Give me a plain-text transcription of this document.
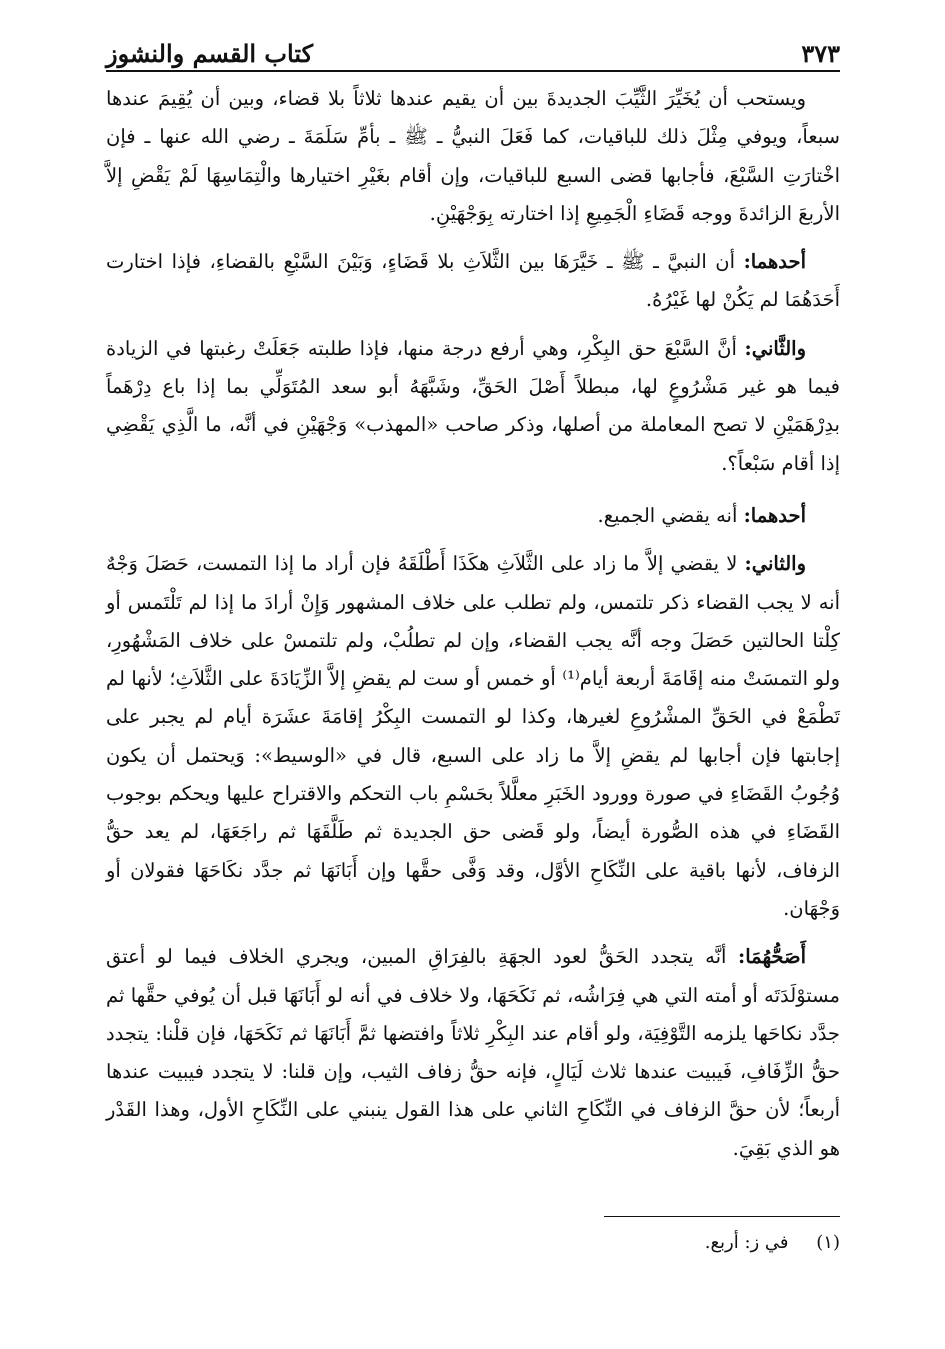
كتاب القسم والنشوز	٣٧٣

ويستحب أن يُخَيِّرَ الثَّيِّبَ الجديدةَ بين أن يقيم عندها ثلاثاً بلا قضاء، وبين أن يُقِيمَ عندها سبعاً، ويوفي مِثْلَ ذلك للباقيات، كما فَعَلَ النبيُّ ـ ﷺ ـ بأمِّ سَلَمَةَ ـ رضي الله عنها ـ فإن اخْتارَتِ السَّبْعَ، فأجابها قضى السبع للباقيات، وإن أقام بغَيْرِ اختيارها والْتِمَاسِهَا لَمْ يَقْضِ إلاَّ الأربعَ الزائدةَ ووجه قَضَاءِ الْجَمِيعِ إذا اختارته بِوَجْهَيْنِ.

أحدهما: أن النبيَّ ـ ﷺ ـ خَيَّرَهَا بين الثَّلاَثِ بلا قَضَاءٍ، وَبَيْنَ السَّبْعِ بالقضاءِ، فإذا اختارت أَحَدَهُمَا لم يَكُنْ لها غَيْرُهُ.

والثَّاني: أنَّ السَّبْعَ حق البِكْرِ، وهي أرفع درجة منها، فإذا طلبته جَعَلَتْ رغبتها في الزيادة فيما هو غير مَشْرُوعٍ لها، مبطلاً أَصْلَ الحَقِّ، وشَبَّهَهُ أبو سعد المُتَوَلِّي بما إذا باع دِرْهَماً بدِرْهَمَيْنِ لا تصح المعاملة من أصلها، وذكر صاحب «المهذب» وَجْهَيْنِ في أنَّه، ما الَّذِي يَقْضِي إذا أقام سَبْعاً؟.

أحدهما: أنه يقضي الجميع.

والثاني: لا يقضي إلاَّ ما زاد على الثَّلاَثِ هكَذَا أَطْلَقَهُ فإن أراد ما إذا التمست، حَصَلَ وَجْهٌ أنه لا يجب القضاء ذكر تلتمس، ولم تطلب على خلاف المشهور وَإِنْ أرادَ ما إذا لم تَلْتَمس أو كِلْتا الحالتين حَصَلَ وجه أنَّه يجب القضاء، وإن لم تطلُبْ، ولم تلتمسْ على خلاف المَشْهُورِ، ولو التمسَتْ منه إقَامَةَ أربعة أيام⁽¹⁾ أو خمس أو ست لم يقضِ إلاَّ الزِّيَادَةَ على الثَّلاَثِ؛ لأنها لم تَطْمَعْ في الحَقِّ المشْرُوعِ لغيرها، وكذا لو التمست البِكْرُ إقامَةَ عشَرَة أيام لم يجبر على إجابتها فإن أجابها لم يقضِ إلاَّ ما زاد على السبع، قال في «الوسيط»: وَيحتمل أن يكون وُجُوبُ القَضَاءِ في صورة وورود الخَبَرِ معلَّلاً بحَسْمِ باب التحكم والاقتراح عليها ويحكم بوجوب القَضَاءِ في هذه الصُّورة أيضاً، ولو قَضى حق الجديدة ثم طَلَّقَهَا ثم راجَعَهَا، لم يعد حقُّ الزفاف، لأنها باقية على النِّكَاحِ الأوَّل، وقد وَفَّى حقَّها وإن أَبَانَهَا ثم جدَّد نكَاحَهَا فقولان أو وَجْهَان.

أَصَحُّهُمَا: أنَّه يتجدد الحَقُّ لعود الجهَةِ بالفِرَاقِ المبين، ويجري الخلاف فيما لو أعتق مستوْلَدَتَه أو أمته التي هي فِرَاشُه، ثم نَكَحَهَا، ولا خلاف في أنه لو أَبَانَهَا قبل أن يُوفي حقَّها ثم جدَّد نكاحَها يلزمه التَّوْفِيَة، ولو أقام عند البِكْرِ ثلاثاً وافتضها ثمَّ أَبَانَهَا ثم نَكَحَهَا، فإن قلْنا: يتجدد حقُّ الزِّفَافِ، فَيبيت عندها ثلاث لَيَالٍ، فإنه حقُّ زفاف الثيب، وإن قلنا: لا يتجدد فيبيت عندها أربعاً؛ لأن حقَّ الزفاف في النِّكَاحِ الثاني على هذا القول ينبني على النِّكَاحِ الأول، وهذا القَدْر هو الذي بَقِيَ.

(١) في ز: أربع.
